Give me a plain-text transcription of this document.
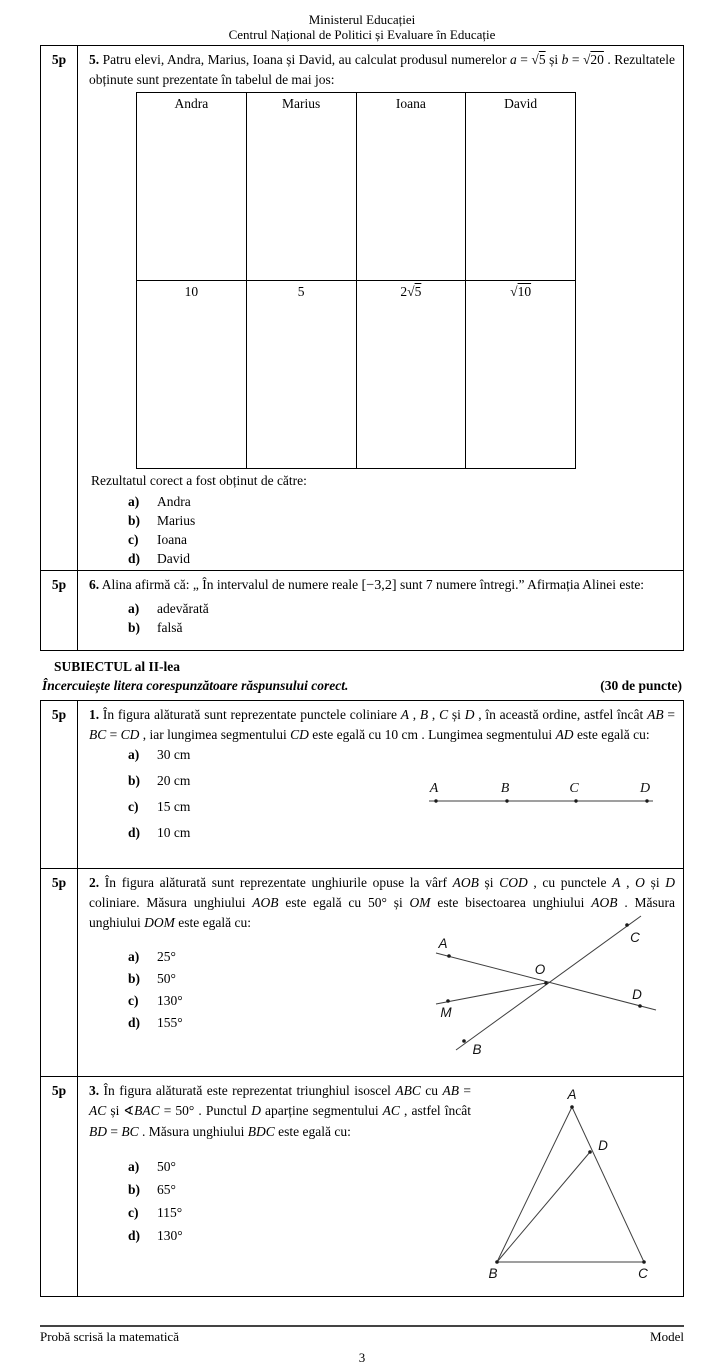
Ministerul Educației
Centrul Național de Politici și Evaluare în Educație
5p	5. Patru elevi, Andra, Marius, Ioana și David, au calculat produsul numerelor a = √5 și b = √20 . Rezultatele obținute sunt prezentate în tabelul de mai jos:

Andra	Marius	Ioana	David
10	5	2√5	√10

Rezultatul corect a fost obținut de către:

a) Andra
b) Marius
c) Ioana
d) David

5p	6. Alina afirmă că: „ În intervalul de numere reale [−3,2] sunt 7 numere întregi.” Afirmația Alinei este:

a) adevărată
b) falsă
SUBIECTUL al II-lea
Încercuiește litera corespunzătoare răspunsului corect.	(30 de puncte)
5p	1. În figura alăturată sunt reprezentate punctele coliniare A , B , C și D , în această ordine, astfel încât AB = BC = CD , iar lungimea segmentului CD este egală cu 10 cm . Lungimea segmentului AD este egală cu:

a) 30 cm
b) 20 cm
c) 15 cm
d) 10 cm
A	B	C	D

5p	2. În figura alăturată sunt reprezentate unghiurile opuse la vârf AOB și COD , cu punctele A , O și D coliniare. Măsura unghiului AOB este egală cu 50° și OM este bisectoarea unghiului AOB . Măsura unghiului DOM este egală cu:

a) 25°
b) 50°
c) 130°
d) 155°
A	C
O
M
D
B

5p	3. În figura alăturată este reprezentat triunghiul isoscel ABC cu AB = AC și ∢BAC = 50° . Punctul D aparține segmentului AC , astfel încât BD = BC . Măsura unghiului BDC este egală cu:

a) 50°
b) 65°
c) 115°
d) 130°
A
D
B	C
Probă scrisă la matematică	Model
3
